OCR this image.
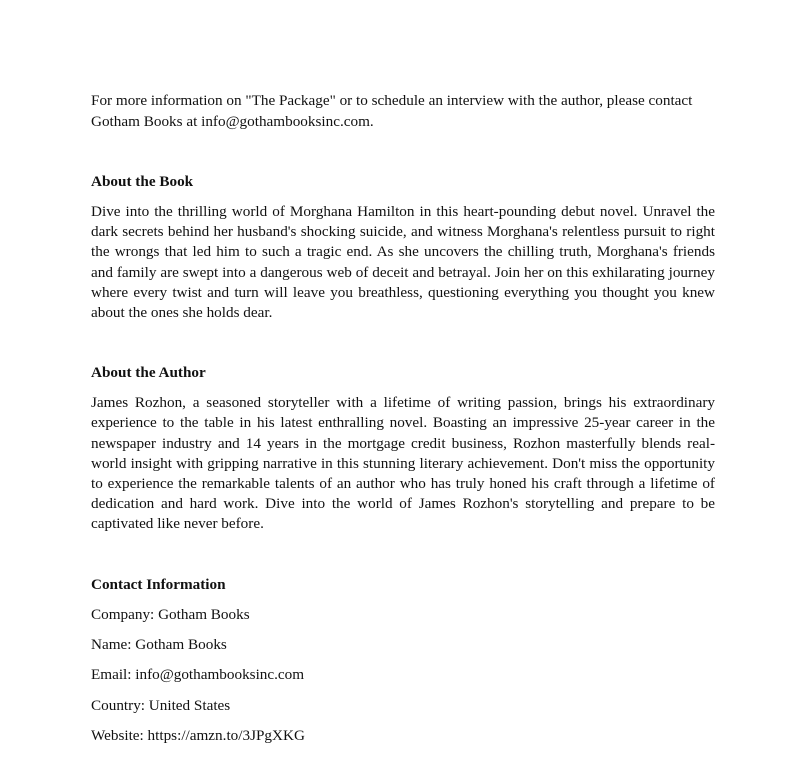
For more information on "The Package" or to schedule an interview with the author, please contact Gotham Books at info@gothambooksinc.com.

About the Book

Dive into the thrilling world of Morghana Hamilton in this heart-pounding debut novel. Unravel the dark secrets behind her husband's shocking suicide, and witness Morghana's relentless pursuit to right the wrongs that led him to such a tragic end. As she uncovers the chilling truth, Morghana's friends and family are swept into a dangerous web of deceit and betrayal. Join her on this exhilarating journey where every twist and turn will leave you breathless, questioning everything you thought you knew about the ones she holds dear.

About the Author

James Rozhon, a seasoned storyteller with a lifetime of writing passion, brings his extraordinary experience to the table in his latest enthralling novel. Boasting an impressive 25-year career in the newspaper industry and 14 years in the mortgage credit business, Rozhon masterfully blends real-world insight with gripping narrative in this stunning literary achievement. Don't miss the opportunity to experience the remarkable talents of an author who has truly honed his craft through a lifetime of dedication and hard work. Dive into the world of James Rozhon's storytelling and prepare to be captivated like never before.

Contact Information
Company: Gotham Books
Name: Gotham Books
Email: info@gothambooksinc.com
Country: United States
Website: https://amzn.to/3JPgXKG
